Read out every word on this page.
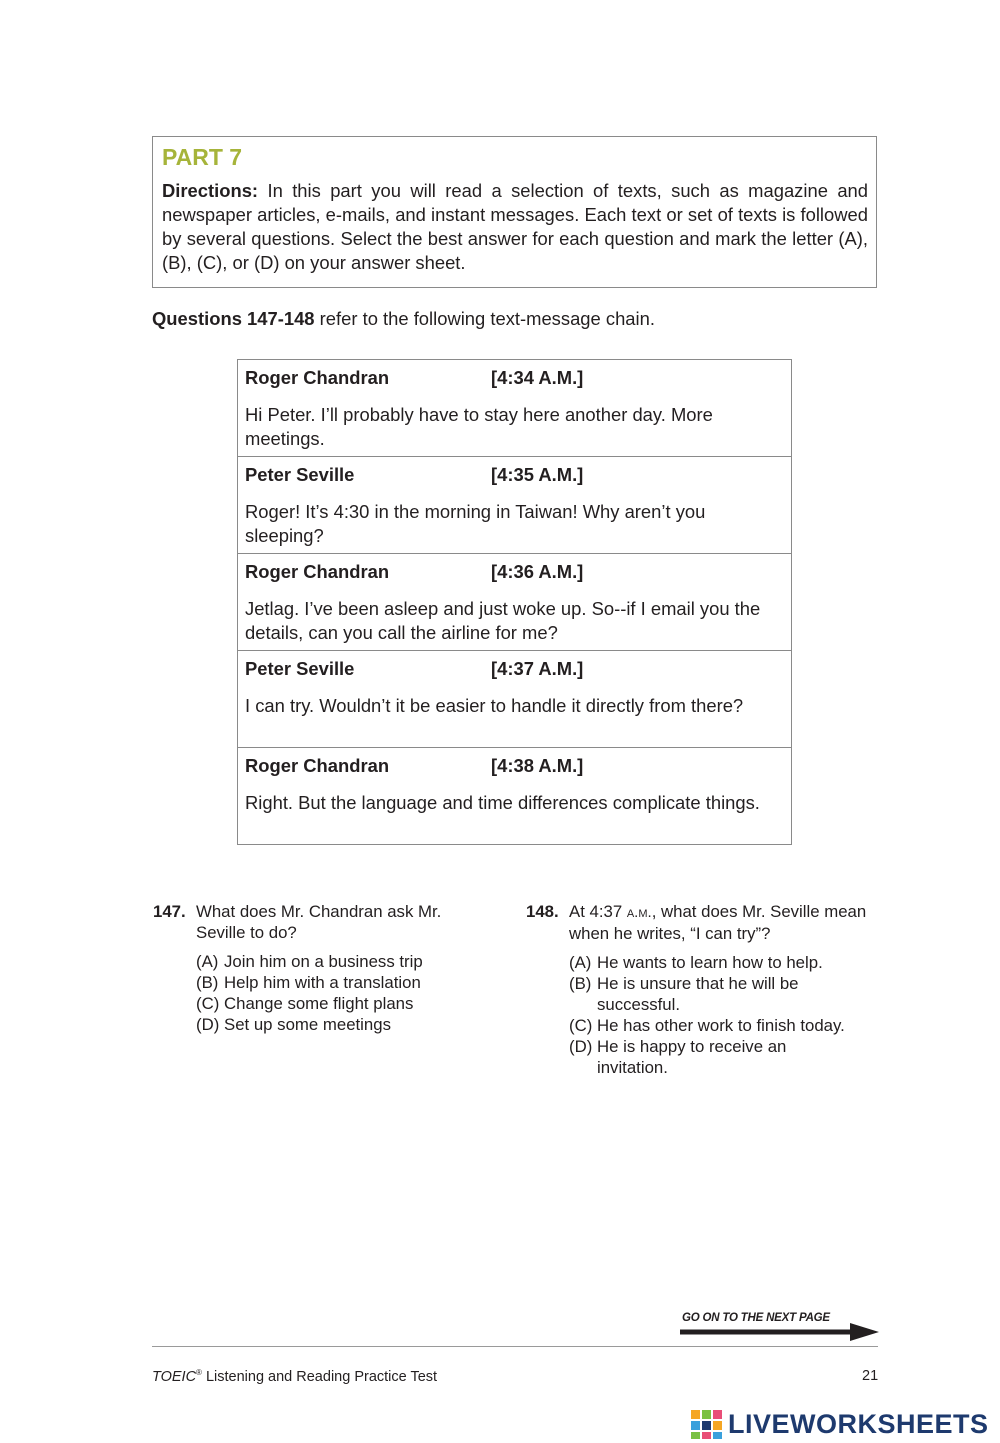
PART 7

Directions: In this part you will read a selection of texts, such as magazine and newspaper articles, e-mails, and instant messages. Each text or set of texts is followed by several questions. Select the best answer for each question and mark the letter (A), (B), (C), or (D) on your answer sheet.

Questions 147-148 refer to the following text-message chain.

Roger Chandran	[4:34 A.M.]
Hi Peter. I’ll probably have to stay here another day. More meetings.
Peter Seville	[4:35 A.M.]
Roger! It’s 4:30 in the morning in Taiwan! Why aren’t you sleeping?
Roger Chandran	[4:36 A.M.]
Jetlag. I’ve been asleep and just woke up. So--if I email you the details, can you call the airline for me?
Peter Seville	[4:37 A.M.]
I can try. Wouldn’t it be easier to handle it directly from there?
Roger Chandran	[4:38 A.M.]
Right. But the language and time differences complicate things.
147. What does Mr. Chandran ask Mr. Seville to do?
(A) Join him on a business trip
(B) Help him with a translation
(C) Change some flight plans
(D) Set up some meetings
148. At 4:37 a.m., what does Mr. Seville mean when he writes, “I can try”?
(A) He wants to learn how to help.
(B) He is unsure that he will be successful.
(C) He has other work to finish today.
(D) He is happy to receive an invitation.
GO ON TO THE NEXT PAGE
TOEIC® Listening and Reading Practice Test	21
LIVEWORKSHEETS
